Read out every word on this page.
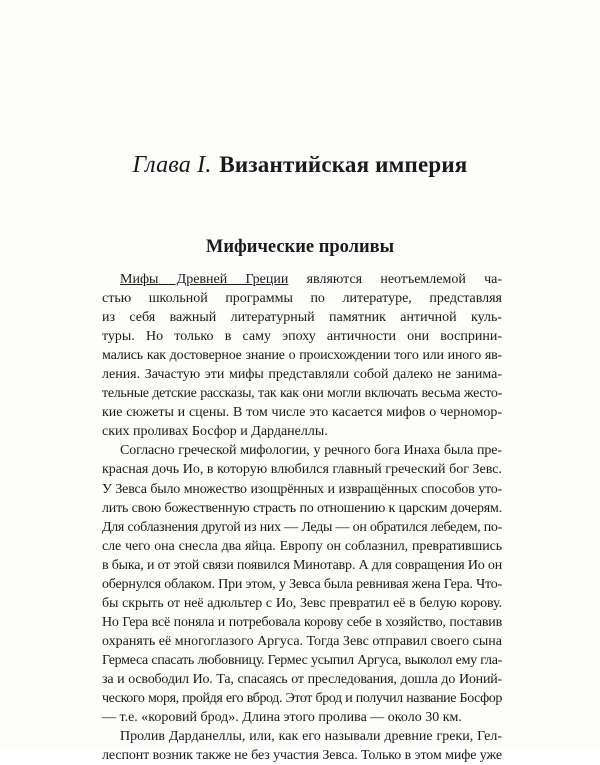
Глава I. Византийская империя
Мифические проливы
Мифы Древней Греции являются неотъемлемой ча-
стью школьной программы по литературе, представляя
из себя важный литературный памятник античной куль-
туры. Но только в саму эпоху античности они восприни-
мались как достоверное знание о происхождении того или иного яв-
ления. Зачастую эти мифы представляли собой далеко не занима-
тельные детские рассказы, так как они могли включать весьма жесто-
кие сюжеты и сцены. В том числе это касается мифов о черномор-
ских проливах Босфор и Дарданеллы.
Согласно греческой мифологии, у речного бога Инаха была пре-
красная дочь Ио, в которую влюбился главный греческий бог Зевс.
У Зевса было множество изощрённых и извращённых способов уто-
лить свою божественную страсть по отношению к царским дочерям.
Для соблазнения другой из них — Леды — он обратился лебедем, по-
сле чего она снесла два яйца. Европу он соблазнил, превратившись
в быка, и от этой связи появился Минотавр. А для совращения Ио он
обернулся облаком. При этом, у Зевса была ревнивая жена Гера. Что-
бы скрыть от неё адюльтер с Ио, Зевс превратил её в белую корову.
Но Гера всё поняла и потребовала корову себе в хозяйство, поставив
охранять её многоглазого Аргуса. Тогда Зевс отправил своего сына
Гермеса спасать любовницу. Гермес усыпил Аргуса, выколол ему гла-
за и освободил Ио. Та, спасаясь от преследования, дошла до Ионий-
ческого моря, пройдя его вброд. Этот брод и получил название Босфор
— т.е. «коровий брод». Длина этого пролива — около 30 км.
Пролив Дарданеллы, или, как его называли древние греки, Гел-
леспонт возник также не без участия Зевса. Только в этом мифе уже
